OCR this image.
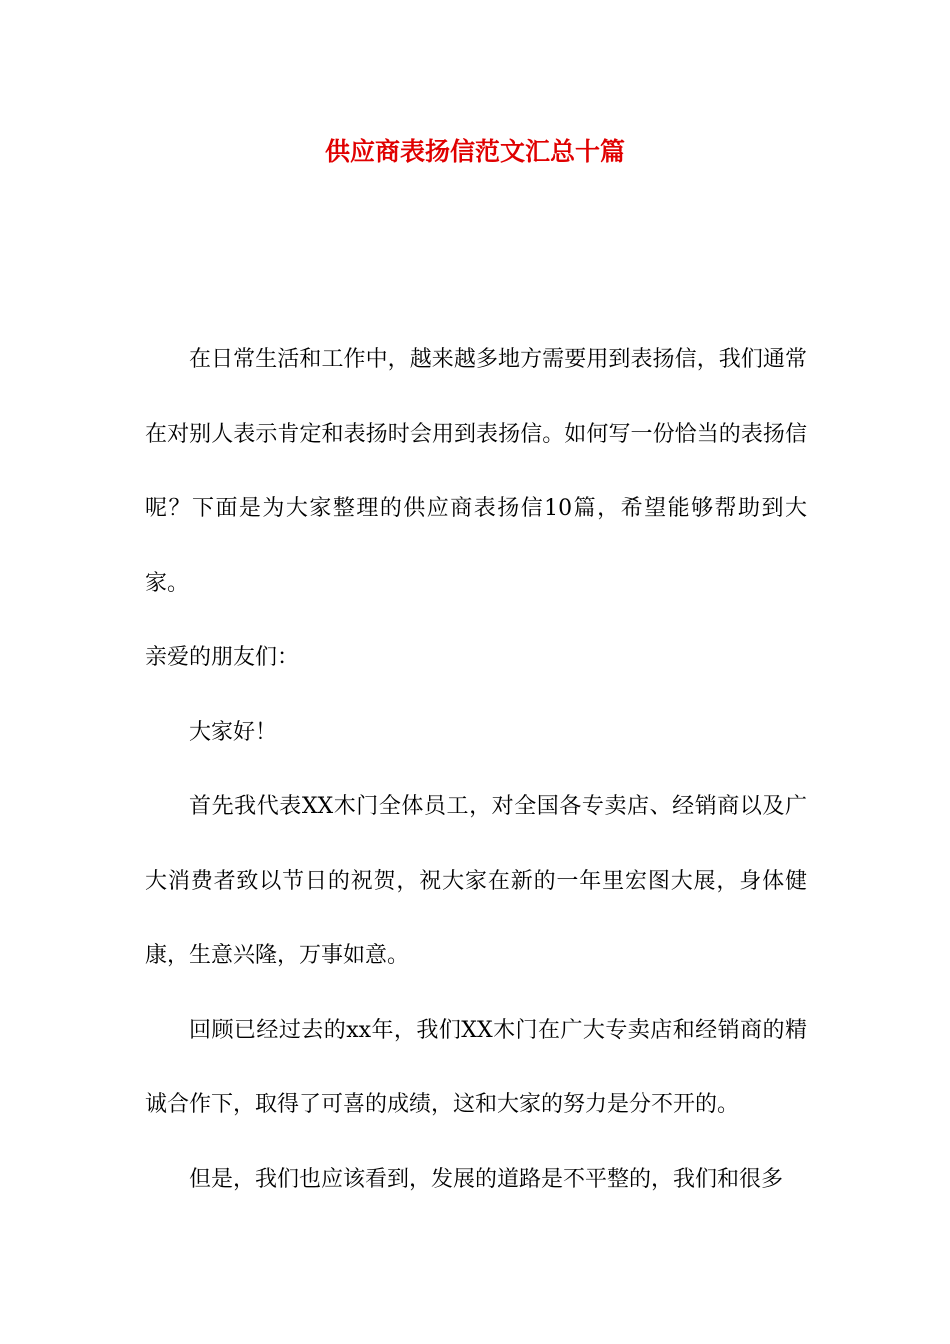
供应商表扬信范文汇总十篇

在日常生活和工作中，越来越多地方需要用到表扬信，我们通常在对别人表示肯定和表扬时会用到表扬信。如何写一份恰当的表扬信呢？下面是为大家整理的供应商表扬信10篇，希望能够帮助到大家。

亲爱的朋友们：

大家好！

首先我代表XX木门全体员工，对全国各专卖店、经销商以及广大消费者致以节日的祝贺，祝大家在新的一年里宏图大展，身体健康，生意兴隆，万事如意。

回顾已经过去的xx年，我们XX木门在广大专卖店和经销商的精诚合作下，取得了可喜的成绩，这和大家的努力是分不开的。

但是，我们也应该看到，发展的道路是不平整的，我们和很多
